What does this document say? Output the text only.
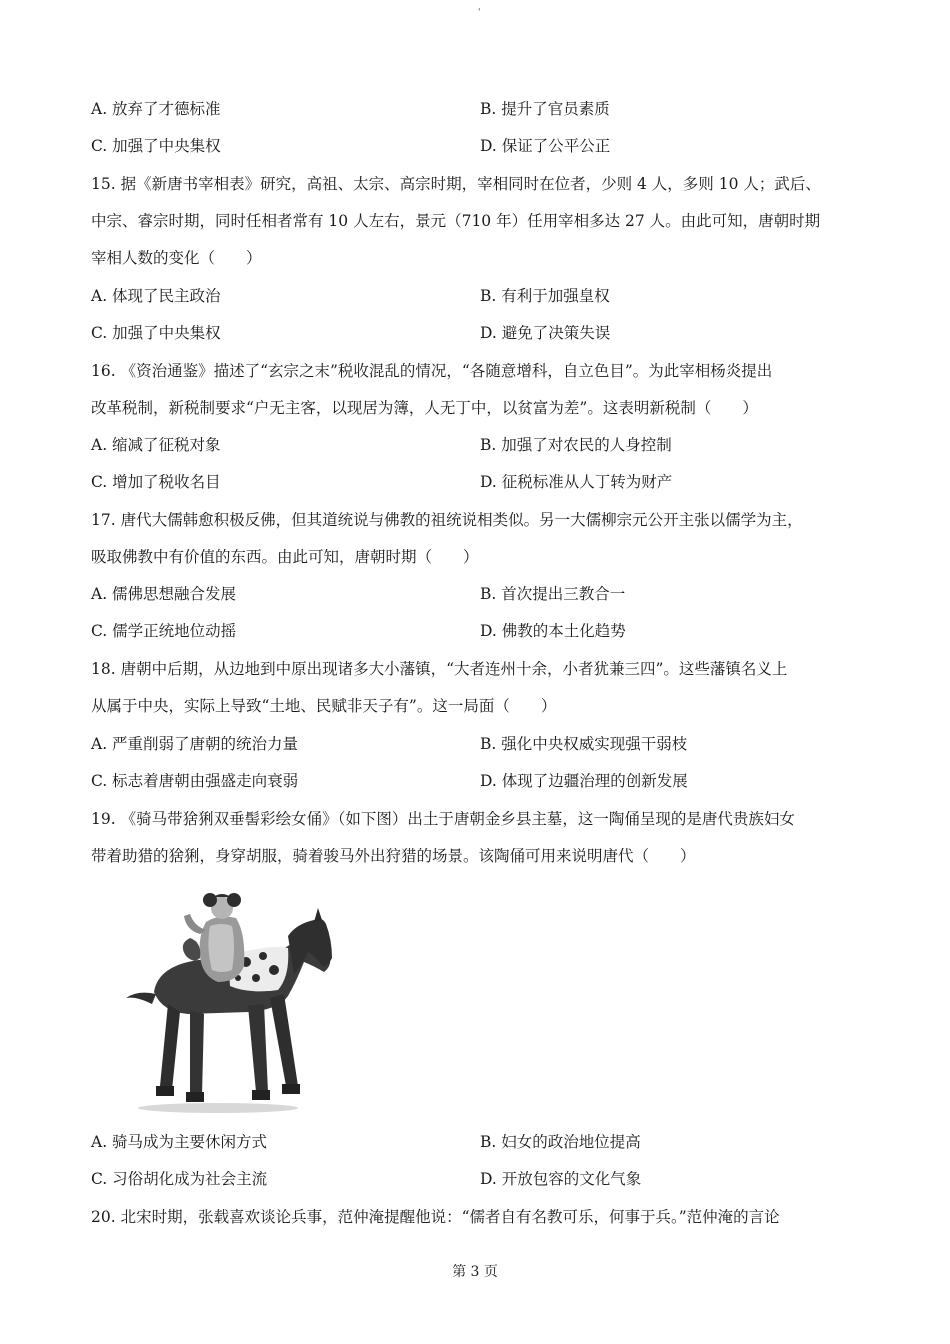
'
A. 放弃了才德标准	B. 提升了官员素质
C. 加强了中央集权	D. 保证了公平公正
15. 据《新唐书宰相表》研究，高祖、太宗、高宗时期，宰相同时在位者，少则 4 人，多则 10 人；武后、
中宗、睿宗时期，同时任相者常有 10 人左右，景元（710 年）任用宰相多达 27 人。由此可知，唐朝时期
宰相人数的变化（　　）
A. 体现了民主政治	B. 有利于加强皇权
C. 加强了中央集权	D. 避免了决策失误
16. 《资治通鉴》描述了“玄宗之末”税收混乱的情况，“各随意增科，自立色目”。为此宰相杨炎提出
改革税制，新税制要求“户无主客，以现居为簿，人无丁中，以贫富为差”。这表明新税制（　　）
A. 缩减了征税对象	B. 加强了对农民的人身控制
C. 增加了税收名目	D. 征税标准从人丁转为财产
17. 唐代大儒韩愈积极反佛，但其道统说与佛教的祖统说相类似。另一大儒柳宗元公开主张以儒学为主，
吸取佛教中有价值的东西。由此可知，唐朝时期（　　）
A. 儒佛思想融合发展	B. 首次提出三教合一
C. 儒学正统地位动摇	D. 佛教的本土化趋势
18. 唐朝中后期，从边地到中原出现诸多大小藩镇，“大者连州十余，小者犹兼三四”。这些藩镇名义上
从属于中央，实际上导致“土地、民赋非天子有”。这一局面（　　）
A. 严重削弱了唐朝的统治力量	B. 强化中央权威实现强干弱枝
C. 标志着唐朝由强盛走向衰弱	D. 体现了边疆治理的创新发展
19. 《骑马带猞猁双垂髻彩绘女俑》（如下图）出土于唐朝金乡县主墓，这一陶俑呈现的是唐代贵族妇女
带着助猎的猞猁，身穿胡服，骑着骏马外出狩猎的场景。该陶俑可用来说明唐代（　　）
A. 骑马成为主要休闲方式	B. 妇女的政治地位提高
C. 习俗胡化成为社会主流	D. 开放包容的文化气象
20. 北宋时期，张载喜欢谈论兵事，范仲淹提醒他说：“儒者自有名教可乐，何事于兵。”范仲淹的言论
第 3 页
